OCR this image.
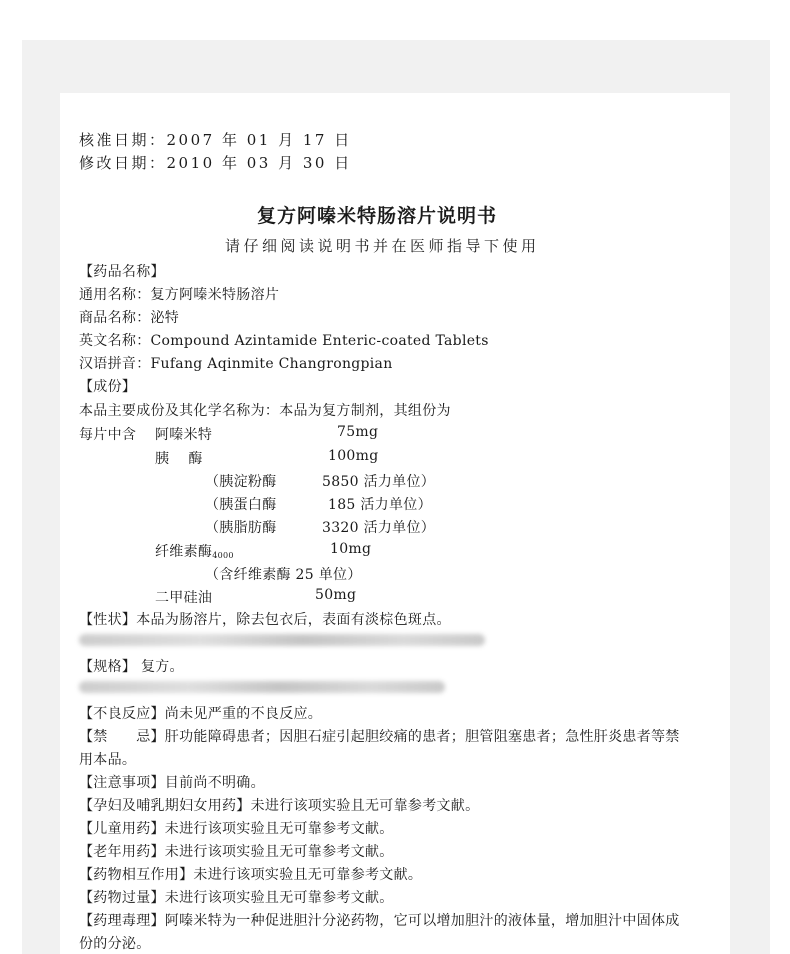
核准日期：2007 年 01 月 17 日
修改日期：2010 年 03 月 30 日
复方阿嗪米特肠溶片说明书
请仔细阅读说明书并在医师指导下使用
【药品名称】
通用名称：复方阿嗪米特肠溶片
商品名称：泌特
英文名称：Compound Azintamide Enteric-coated Tablets
汉语拼音：Fufang Aqinmite Changrongpian
【成份】
本品主要成份及其化学名称为：本品为复方制剂，其组份为
每片中含 阿嗪米特	75mg
胰　 酶	100mg
（胰淀粉酶	5850 活力单位）
（胰蛋白酶	185 活力单位）
（胰脂肪酶	3320 活力单位）
纤维素酶$_{4000}$	10mg
（含纤维素酶 25 单位）
二甲硅油	50mg
【性状】本品为肠溶片，除去包衣后，表面有淡棕色斑点。
【规格】 复方。
【不良反应】尚未见严重的不良反应。
【禁　　忌】肝功能障碍患者；因胆石症引起胆绞痛的患者；胆管阻塞患者；急性肝炎患者等禁
用本品。
【注意事项】目前尚不明确。
【孕妇及哺乳期妇女用药】未进行该项实验且无可靠参考文献。
【儿童用药】未进行该项实验且无可靠参考文献。
【老年用药】未进行该项实验且无可靠参考文献。
【药物相互作用】未进行该项实验且无可靠参考文献。
【药物过量】未进行该项实验且无可靠参考文献。
【药理毒理】阿嗪米特为一种促进胆汁分泌药物，它可以增加胆汁的液体量，增加胆汁中固体成
份的分泌。
